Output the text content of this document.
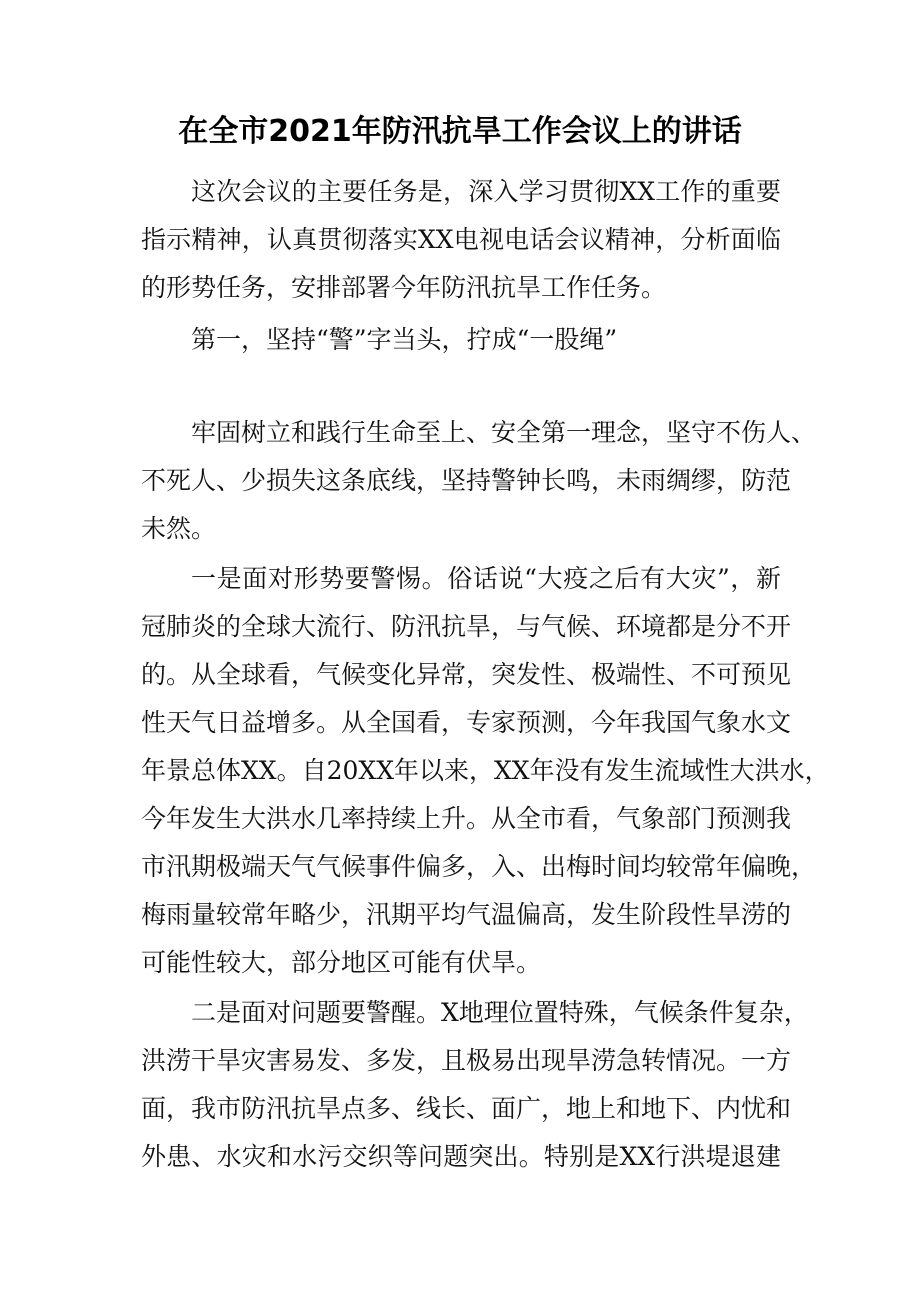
在全市2021年防汛抗旱工作会议上的讲话

这次会议的主要任务是，深入学习贯彻XX工作的重要

指示精神，认真贯彻落实XX电视电话会议精神，分析面临

的形势任务，安排部署今年防汛抗旱工作任务。

第一，坚持“警”字当头，拧成“一股绳”

牢固树立和践行生命至上、安全第一理念，坚守不伤人、

不死人、少损失这条底线，坚持警钟长鸣，未雨绸缪，防范

未然。

一是面对形势要警惕。俗话说“大疫之后有大灾”，新

冠肺炎的全球大流行、防汛抗旱，与气候、环境都是分不开

的。从全球看，气候变化异常，突发性、极端性、不可预见

性天气日益增多。从全国看，专家预测，今年我国气象水文

年景总体XX。自20XX年以来，XX年没有发生流域性大洪水，

今年发生大洪水几率持续上升。从全市看，气象部门预测我

市汛期极端天气气候事件偏多，入、出梅时间均较常年偏晚，

梅雨量较常年略少，汛期平均气温偏高，发生阶段性旱涝的

可能性较大，部分地区可能有伏旱。

二是面对问题要警醒。X地理位置特殊，气候条件复杂，

洪涝干旱灾害易发、多发，且极易出现旱涝急转情况。一方

面，我市防汛抗旱点多、线长、面广，地上和地下、内忧和

外患、水灾和水污交织等问题突出。特别是XX行洪堤退建
